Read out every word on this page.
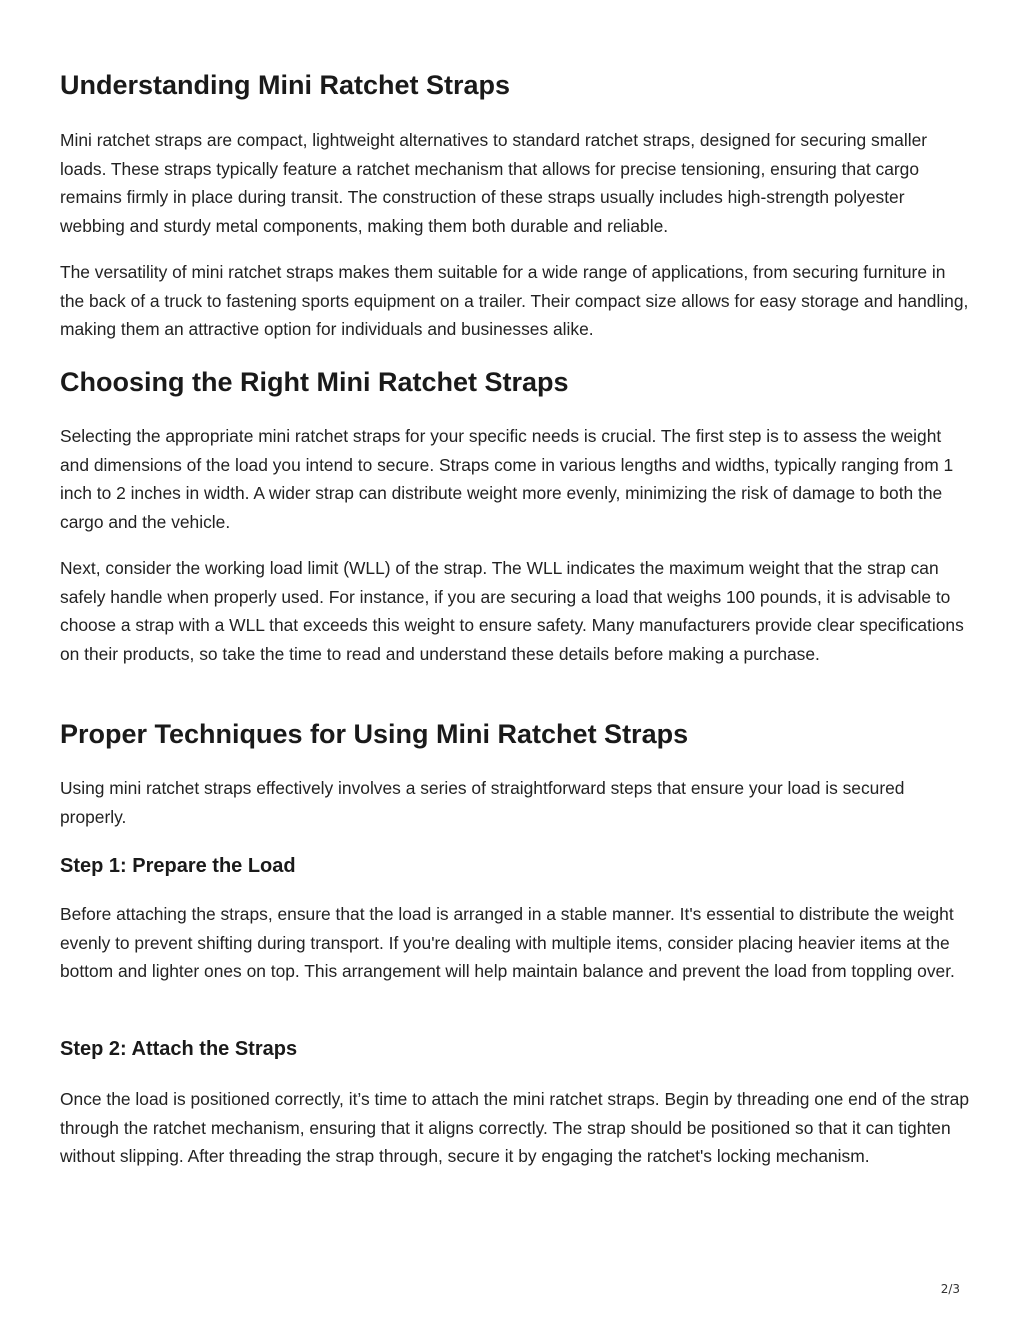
Understanding Mini Ratchet Straps

Mini ratchet straps are compact, lightweight alternatives to standard ratchet straps, designed for securing smaller loads. These straps typically feature a ratchet mechanism that allows for precise tensioning, ensuring that cargo remains firmly in place during transit. The construction of these straps usually includes high-strength polyester webbing and sturdy metal components, making them both durable and reliable.

The versatility of mini ratchet straps makes them suitable for a wide range of applications, from securing furniture in the back of a truck to fastening sports equipment on a trailer. Their compact size allows for easy storage and handling, making them an attractive option for individuals and businesses alike.

Choosing the Right Mini Ratchet Straps

Selecting the appropriate mini ratchet straps for your specific needs is crucial. The first step is to assess the weight and dimensions of the load you intend to secure. Straps come in various lengths and widths, typically ranging from 1 inch to 2 inches in width. A wider strap can distribute weight more evenly, minimizing the risk of damage to both the cargo and the vehicle.

Next, consider the working load limit (WLL) of the strap. The WLL indicates the maximum weight that the strap can safely handle when properly used. For instance, if you are securing a load that weighs 100 pounds, it is advisable to choose a strap with a WLL that exceeds this weight to ensure safety. Many manufacturers provide clear specifications on their products, so take the time to read and understand these details before making a purchase.

Proper Techniques for Using Mini Ratchet Straps

Using mini ratchet straps effectively involves a series of straightforward steps that ensure your load is secured properly.

Step 1: Prepare the Load

Before attaching the straps, ensure that the load is arranged in a stable manner. It's essential to distribute the weight evenly to prevent shifting during transport. If you're dealing with multiple items, consider placing heavier items at the bottom and lighter ones on top. This arrangement will help maintain balance and prevent the load from toppling over.

Step 2: Attach the Straps

Once the load is positioned correctly, it’s time to attach the mini ratchet straps. Begin by threading one end of the strap through the ratchet mechanism, ensuring that it aligns correctly. The strap should be positioned so that it can tighten without slipping. After threading the strap through, secure it by engaging the ratchet's locking mechanism.

2/3
